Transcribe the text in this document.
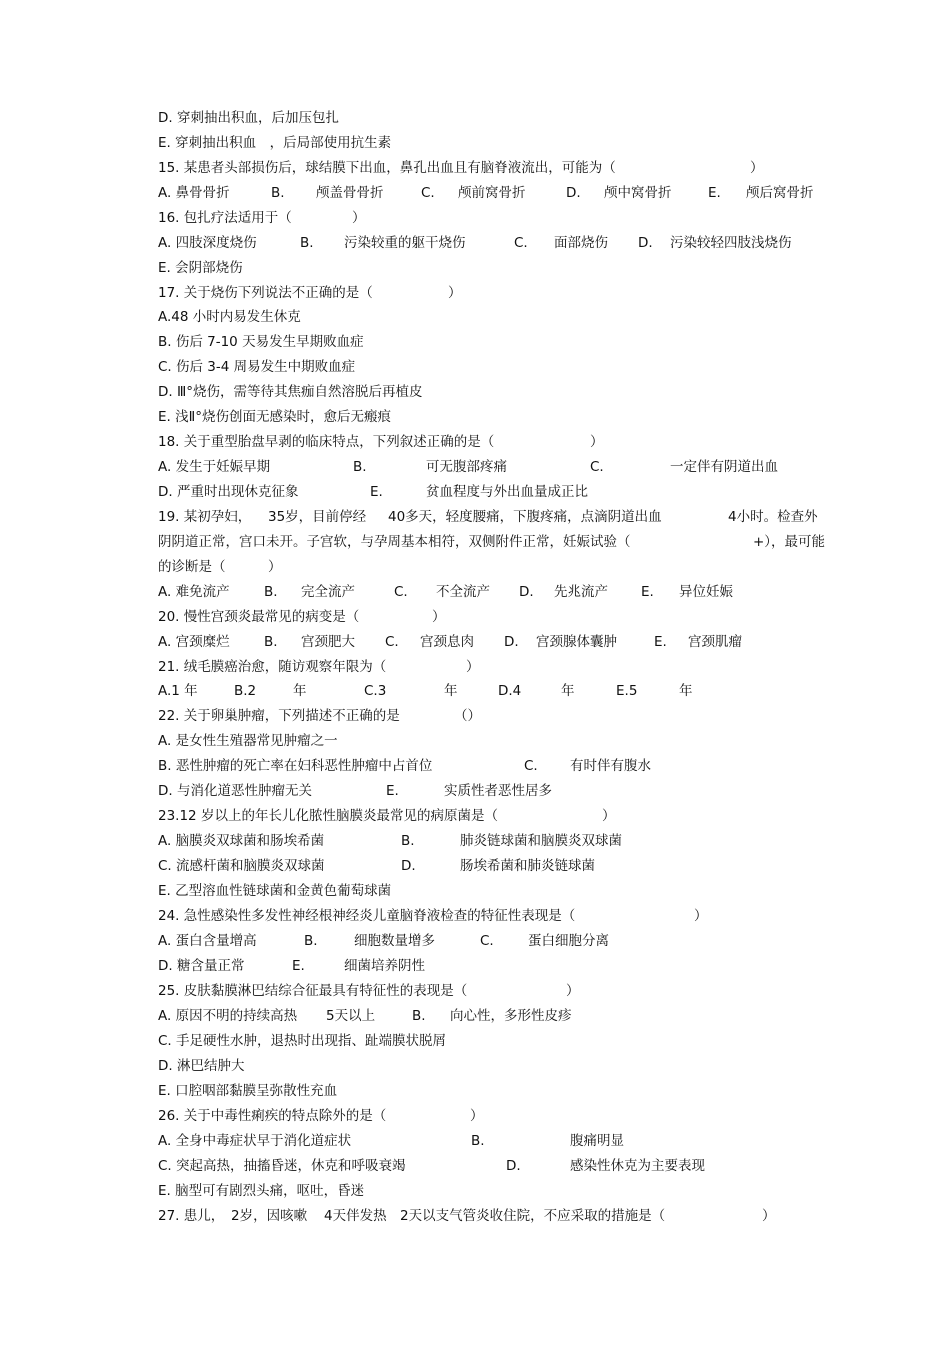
D. 穿刺抽出积血，后加压包扎
E. 穿刺抽出积血　，后局部使用抗生素
15. 某患者头部损伤后，球结膜下出血，鼻孔出血且有脑脊液流出，可能为（	）
A. 鼻骨骨折	B. 颅盖骨骨折	C. 颅前窝骨折	D. 颅中窝骨折	E. 颅后窝骨折
16. 包扎疗法适用于（	）
A. 四肢深度烧伤	B. 污染较重的躯干烧伤	C. 面部烧伤 D. 污染较轻四肢浅烧伤
E. 会阴部烧伤
17. 关于烧伤下列说法不正确的是（	）
A.48 小时内易发生休克
B. 伤后 7-10 天易发生早期败血症
C. 伤后 3-4 周易发生中期败血症
D. Ⅲ°烧伤，需等待其焦痂自然溶脱后再植皮
E. 浅Ⅱ°烧伤创面无感染时，愈后无瘢痕
18. 关于重型胎盘早剥的临床特点，下列叙述正确的是（	）
A. 发生于妊娠早期	B.	可无腹部疼痛	C.	一定伴有阴道出血
D. 严重时出现休克征象	E.	贫血程度与外出血量成正比
19. 某初孕妇， 35岁，目前停经 40多天，轻度腰痛，下腹疼痛，点滴阴道出血	4小时。检查外
阴阴道正常，宫口未开。子宫软，与孕周基本相符，双侧附件正常，妊娠试验（	+），最可能
的诊断是（	）
A. 难免流产	B. 完全流产	C. 不全流产 D. 先兆流产 E. 异位妊娠
20. 慢性宫颈炎最常见的病变是（	）
A. 宫颈糜烂	B. 宫颈肥大 C. 宫颈息肉 D. 宫颈腺体囊肿	E. 宫颈肌瘤
21. 绒毛膜癌治愈，随访观察年限为（	）
A.1 年	B.2	年	C.3	年	D.4	年	E.5	年
22. 关于卵巢肿瘤，下列描述不正确的是	（）
A. 是女性生殖器常见肿瘤之一
B. 恶性肿瘤的死亡率在妇科恶性肿瘤中占首位	C. 有时伴有腹水
D. 与消化道恶性肿瘤无关	E.	实质性者恶性居多
23.12 岁以上的年长儿化脓性脑膜炎最常见的病原菌是（	）
A. 脑膜炎双球菌和肠埃希菌	B.	肺炎链球菌和脑膜炎双球菌
C. 流感杆菌和脑膜炎双球菌	D.	肠埃希菌和肺炎链球菌
E. 乙型溶血性链球菌和金黄色葡萄球菌
24. 急性感染性多发性神经根神经炎儿童脑脊液检查的特征性表现是（	）
A. 蛋白含量增高	B.	细胞数量增多	C.	蛋白细胞分离
D. 糖含量正常	E.	细菌培养阴性
25. 皮肤黏膜淋巴结综合征最具有特征性的表现是（	）
A. 原因不明的持续高热 5天以上	B. 向心性，多形性皮疹
C. 手足硬性水肿，退热时出现指、趾端膜状脱屑
D. 淋巴结肿大
E. 口腔咽部黏膜呈弥散性充血
26. 关于中毒性痢疾的特点除外的是（	）
A. 全身中毒症状早于消化道症状	B.	腹痛明显
C. 突起高热，抽搐昏迷，休克和呼吸衰竭	D.	感染性休克为主要表现
E. 脑型可有剧烈头痛，呕吐，昏迷
27. 患儿， 2岁，因咳嗽 4天伴发热 2天以支气管炎收住院，不应采取的措施是（	）
